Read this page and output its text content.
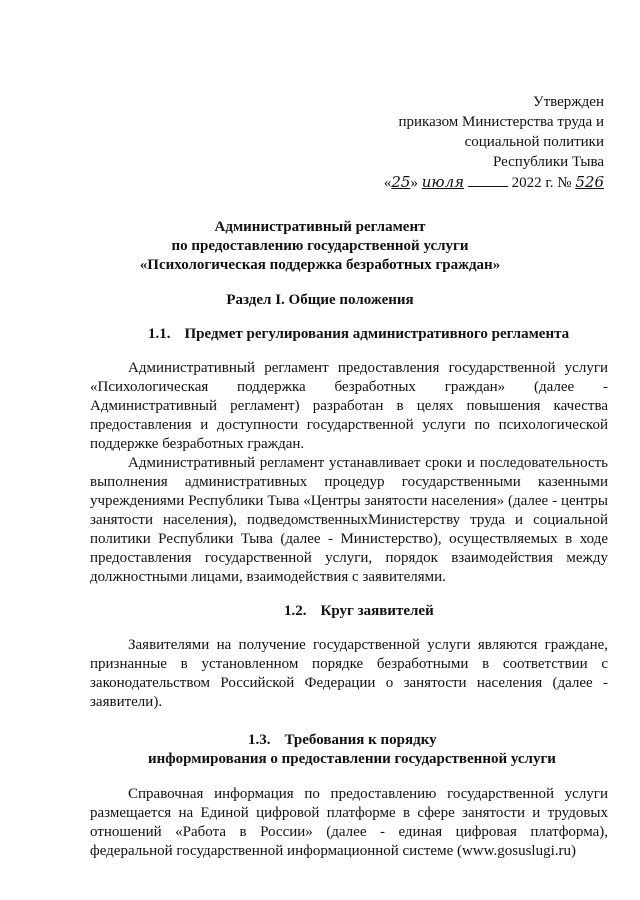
Утвержден
приказом Министерства труда и
социальной политики
Республики Тыва
«25» июля	2022 г. № 526
Административный регламент
по предоставлению государственной услуги
«Психологическая поддержка безработных граждан»
Раздел I. Общие положения
1.1. Предмет регулирования административного регламента

Административный регламент предоставления государственной услуги «Психологическая поддержка безработных граждан» (далее - Административный регламент) разработан в целях повышения качества предоставления и доступности государственной услуги по психологической поддержке безработных граждан.

Административный регламент устанавливает сроки и последовательность выполнения административных процедур государственными казенными учреждениями Республики Тыва «Центры занятости населения» (далее - центры занятости населения), подведомственныхМинистерству труда и социальной политики Республики Тыва (далее - Министерство), осуществляемых в ходе предоставления государственной услуги, порядок взаимодействия между должностными лицами, взаимодействия с заявителями.

1.2. Круг заявителей

Заявителями на получение государственной услуги являются граждане, признанные в установленном порядке безработными в соответствии с законодательством Российской Федерации о занятости населения (далее - заявители).

1.3. Требования к порядку
информирования о предоставлении государственной услуги

Справочная информация по предоставлению государственной услуги размещается на Единой цифровой платформе в сфере занятости и трудовых отношений «Работа в России» (далее - единая цифровая платформа), федеральной государственной информационной системе (www.gosuslugi.ru)
